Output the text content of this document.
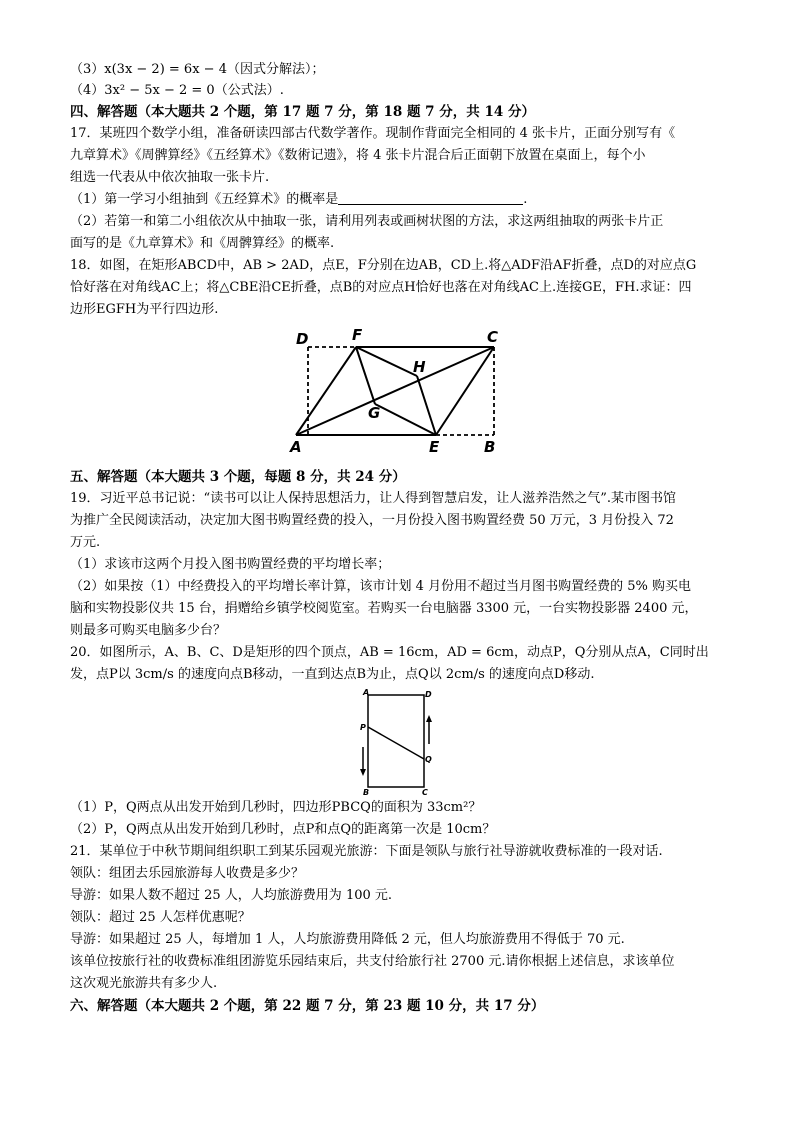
（3）x(3x − 2) = 6x − 4（因式分解法）；
（4）3x² − 5x − 2 = 0（公式法）.
四、解答题（本大题共 2 个题，第 17 题 7 分，第 18 题 7 分，共 14 分）
17．某班四个数学小组，准备研读四部古代数学著作。现制作背面完全相同的 4 张卡片，正面分别写有《
九章算术》《周髀算经》《五经算术》《数術记遗》，将 4 张卡片混合后正面朝下放置在桌面上，每个小
组选一代表从中依次抽取一张卡片.
（1）第一学习小组抽到《五经算术》的概率是	.
（2）若第一和第二小组依次从中抽取一张，请利用列表或画树状图的方法，求这两组抽取的两张卡片正
面写的是《九章算术》和《周髀算经》的概率.
18．如图，在矩形ABCD中，AB > 2AD，点E，F分别在边AB，CD上.将△ADF沿AF折叠，点D的对应点G
恰好落在对角线AC上；将△CBE沿CE折叠，点B的对应点H恰好也落在对角线AC上.连接GE，FH.求证：四
边形EGFH为平行四边形.
D	F	C
H
G
A	E	B
五、解答题（本大题共 3 个题，每题 8 分，共 24 分）
19．习近平总书记说：“读书可以让人保持思想活力，让人得到智慧启发，让人滋养浩然之气”.某市图书馆
为推广全民阅读活动，决定加大图书购置经费的投入，一月份投入图书购置经费 50 万元，3 月份投入 72
万元.
（1）求该市这两个月投入图书购置经费的平均增长率；
（2）如果按（1）中经费投入的平均增长率计算，该市计划 4 月份用不超过当月图书购置经费的 5% 购买电
脑和实物投影仪共 15 台，捐赠给乡镇学校阅览室。若购买一台电脑器 3300 元，一台实物投影器 2400 元，
则最多可购买电脑多少台？
20．如图所示，A、B、C、D是矩形的四个顶点，AB = 16cm，AD = 6cm，动点P，Q分别从点A，C同时出
发，点P以 3cm/s 的速度向点B移动，一直到达点B为止，点Q以 2cm/s 的速度向点D移动.
A	D
P
Q
B	C
（1）P，Q两点从出发开始到几秒时，四边形PBCQ的面积为 33cm²？
（2）P，Q两点从出发开始到几秒时，点P和点Q的距离第一次是 10cm？
21．某单位于中秋节期间组织职工到某乐园观光旅游：下面是领队与旅行社导游就收费标准的一段对话.
领队：组团去乐园旅游每人收费是多少？
导游：如果人数不超过 25 人，人均旅游费用为 100 元.
领队：超过 25 人怎样优惠呢？
导游：如果超过 25 人，每增加 1 人，人均旅游费用降低 2 元，但人均旅游费用不得低于 70 元.
该单位按旅行社的收费标准组团游览乐园结束后，共支付给旅行社 2700 元.请你根据上述信息，求该单位
这次观光旅游共有多少人.
六、解答题（本大题共 2 个题，第 22 题 7 分，第 23 题 10 分，共 17 分）
